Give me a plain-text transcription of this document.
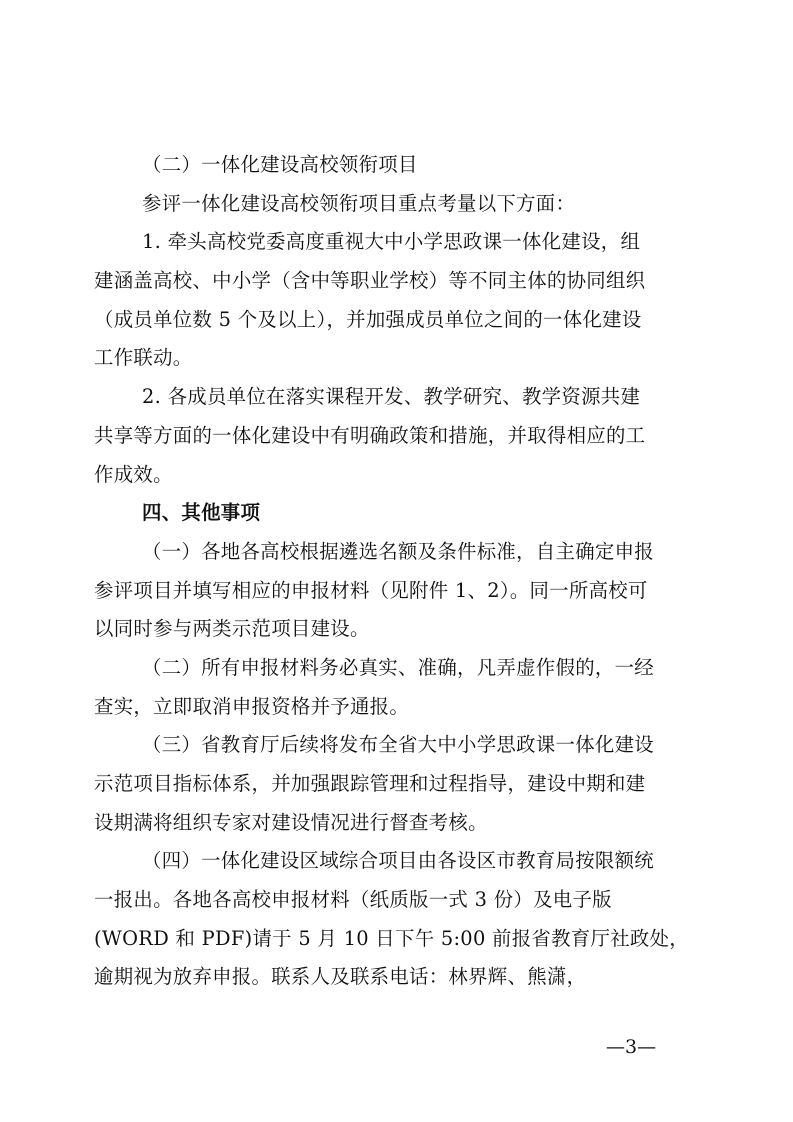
（二）一体化建设高校领衔项目
参评一体化建设高校领衔项目重点考量以下方面：
1. 牵头高校党委高度重视大中小学思政课一体化建设，组
建涵盖高校、中小学（含中等职业学校）等不同主体的协同组织
（成员单位数 5 个及以上），并加强成员单位之间的一体化建设
工作联动。
2. 各成员单位在落实课程开发、教学研究、教学资源共建
共享等方面的一体化建设中有明确政策和措施，并取得相应的工
作成效。
四、其他事项
（一）各地各高校根据遴选名额及条件标准，自主确定申报
参评项目并填写相应的申报材料（见附件 1、2）。同一所高校可
以同时参与两类示范项目建设。
（二）所有申报材料务必真实、准确，凡弄虚作假的，一经
查实，立即取消申报资格并予通报。
（三）省教育厅后续将发布全省大中小学思政课一体化建设
示范项目指标体系，并加强跟踪管理和过程指导，建设中期和建
设期满将组织专家对建设情况进行督查考核。
（四）一体化建设区域综合项目由各设区市教育局按限额统
一报出。各地各高校申报材料（纸质版一式 3 份）及电子版
(WORD 和 PDF)请于 5 月 10 日下午 5:00 前报省教育厅社政处，
逾期视为放弃申报。联系人及联系电话：林界辉、熊潇，
—3—
